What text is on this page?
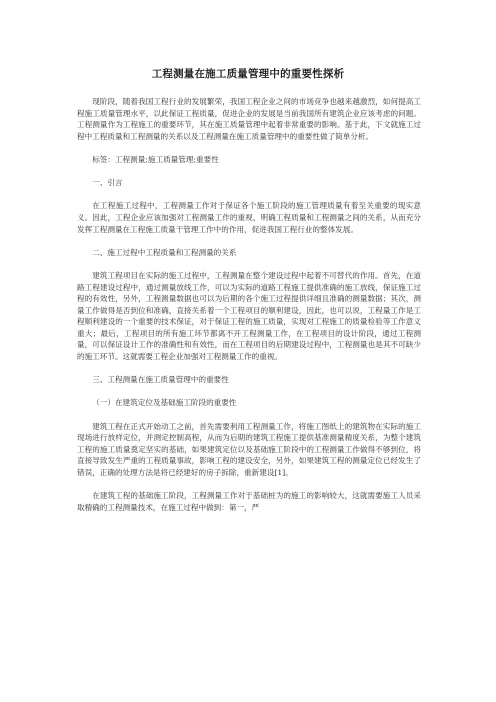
工程测量在施工质量管理中的重要性探析

现阶段，随着我国工程行业的发展繁荣，我国工程企业之间的市场竞争也越来越激烈，如何提高工程施工质量管理水平，以此保证工程质量，促进企业的发展是当前我国所有建筑企业应该考虑的问题。工程测量作为工程施工的重要环节，其在施工质量管理中起着非常重要的影响。基于此，下文就施工过程中工程质量和工程测量的关系以及工程测量在施工质量管理中的重要性做了简单分析。

标签：工程测量;施工质量管理;重要性

一、引言

在工程施工过程中，工程测量工作对于保证各个施工阶段的施工管理质量有着至关重要的现实意义。因此，工程企业应该加强对工程测量工作的重视，明确工程质量和工程测量之间的关系，从而充分发挥工程测量在工程施工质量干管理工作中的作用，促进我国工程行业的整体发展。

二、施工过程中工程质量和工程测量的关系

建筑工程项目在实际的施工过程中，工程测量在整个建设过程中起着不可替代的作用。首先，在道路工程建设过程中，通过测量放线工作，可以为实际的道路工程施工提供准确的施工放线，保证施工过程的有效性，另外，工程测量数据也可以为后期的各个施工过程提供详细且准确的测量数据；其次，测量工作做得是否到位和准确，直接关系着一个工程项目的顺利建设，因此，也可以说，工程量工作是工程顺利建设的一个重要的技术保证，对于保证工程的施工质量，实现对工程施工的质量检验等工作意义重大；最后，工程项目的所有施工环节都离不开工程测量工作，在工程项目的设计阶段，通过工程测量，可以保证设计工作的准确性和有效性，而在工程项目的后期建设过程中，工程测量也是其不可缺少的施工环节。这就需要工程企业加强对工程测量工作的重视。

三、工程测量在施工质量管理中的重要性

（一）在建筑定位及基础施工阶段的重要性

建筑工程在正式开始动工之前，首先需要利用工程测量工作，将施工图纸上的建筑物在实际的施工现场进行放样定位，并测定控制高程，从而为后期的建筑工程施工提供基准测量精度关系，为整个建筑工程的施工质量奠定坚实的基础，如果建筑定位以及基础施工阶段中的工程测量工作做得不够到位，将直接导致发生严重的工程质量事故，影响工程的建设安全，另外，如果建筑工程的测量定位已经发生了错误，正确的处理方法是将已经建好的房子拆除，重新建设[1]。

在建筑工程的基础施工阶段，工程测量工作对于基础桩为的施工的影响较大，这就需要施工人员采取精确的工程测量技术，在施工过程中做到：第一，严
